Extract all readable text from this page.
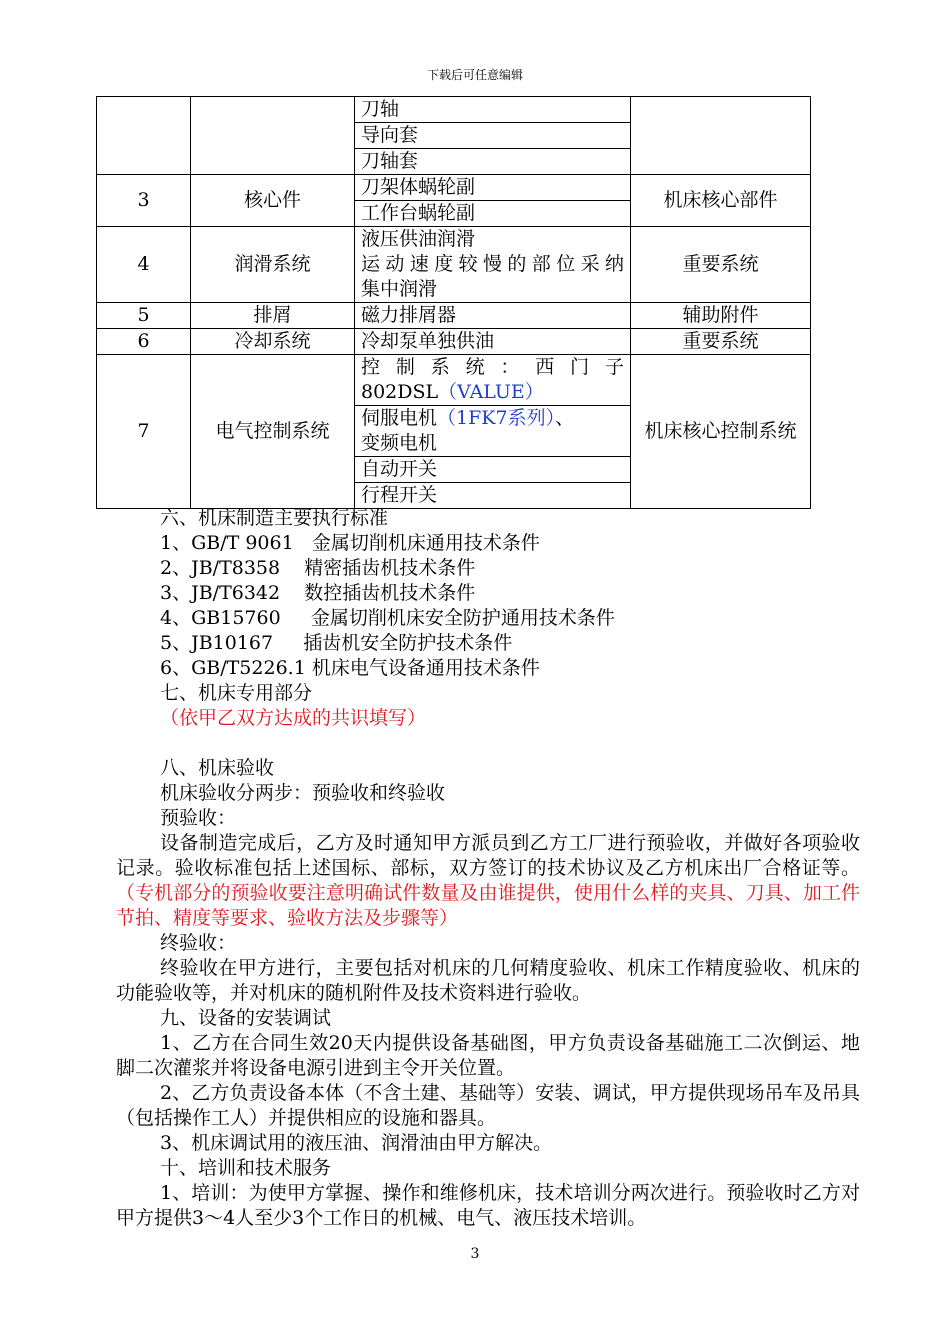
下载后可任意编辑
		刀轴	
		导向套	
		刀轴套	
3	核心件	刀架体蜗轮副	机床核心部件
		工作台蜗轮副	
4	润滑系统	液压供油润滑
运动速度较慢的部位采纳
集中润滑	重要系统
5	排屑	磁力排屑器	辅助附件
6	冷却系统	冷却泵单独供油	重要系统
7	电气控制系统	控制系统：西门子
802DSL（VALUE）	机床核心控制系统

		伺服电机（1FK7系列）、
变频电机	

		自动开关	
		行程开关	

六、机床制造主要执行标准

1、GB/T 9061   金属切削机床通用技术条件

2、JB/T8358    精密插齿机技术条件

3、JB/T6342    数控插齿机技术条件

4、GB15760     金属切削机床安全防护通用技术条件

5、JB10167     插齿机安全防护技术条件

6、GB/T5226.1 机床电气设备通用技术条件

七、机床专用部分

（依甲乙双方达成的共识填写）

八、机床验收

机床验收分两步：预验收和终验收

预验收：

设备制造完成后，乙方及时通知甲方派员到乙方工厂进行预验收，并做好各项验收记录。验收标准包括上述国标、部标，双方签订的技术协议及乙方机床出厂合格证等。（专机部分的预验收要注意明确试件数量及由谁提供，使用什么样的夹具、刀具、加工件节拍、精度等要求、验收方法及步骤等）

终验收：

终验收在甲方进行，主要包括对机床的几何精度验收、机床工作精度验收、机床的功能验收等，并对机床的随机附件及技术资料进行验收。

九、设备的安装调试

1、乙方在合同生效20天内提供设备基础图，甲方负责设备基础施工二次倒运、地脚二次灌浆并将设备电源引进到主令开关位置。

2、乙方负责设备本体（不含土建、基础等）安装、调试，甲方提供现场吊车及吊具（包括操作工人）并提供相应的设施和器具。

3、机床调试用的液压油、润滑油由甲方解决。

十、培训和技术服务

1、培训：为使甲方掌握、操作和维修机床，技术培训分两次进行。预验收时乙方对甲方提供3～4人至少3个工作日的机械、电气、液压技术培训。

3
